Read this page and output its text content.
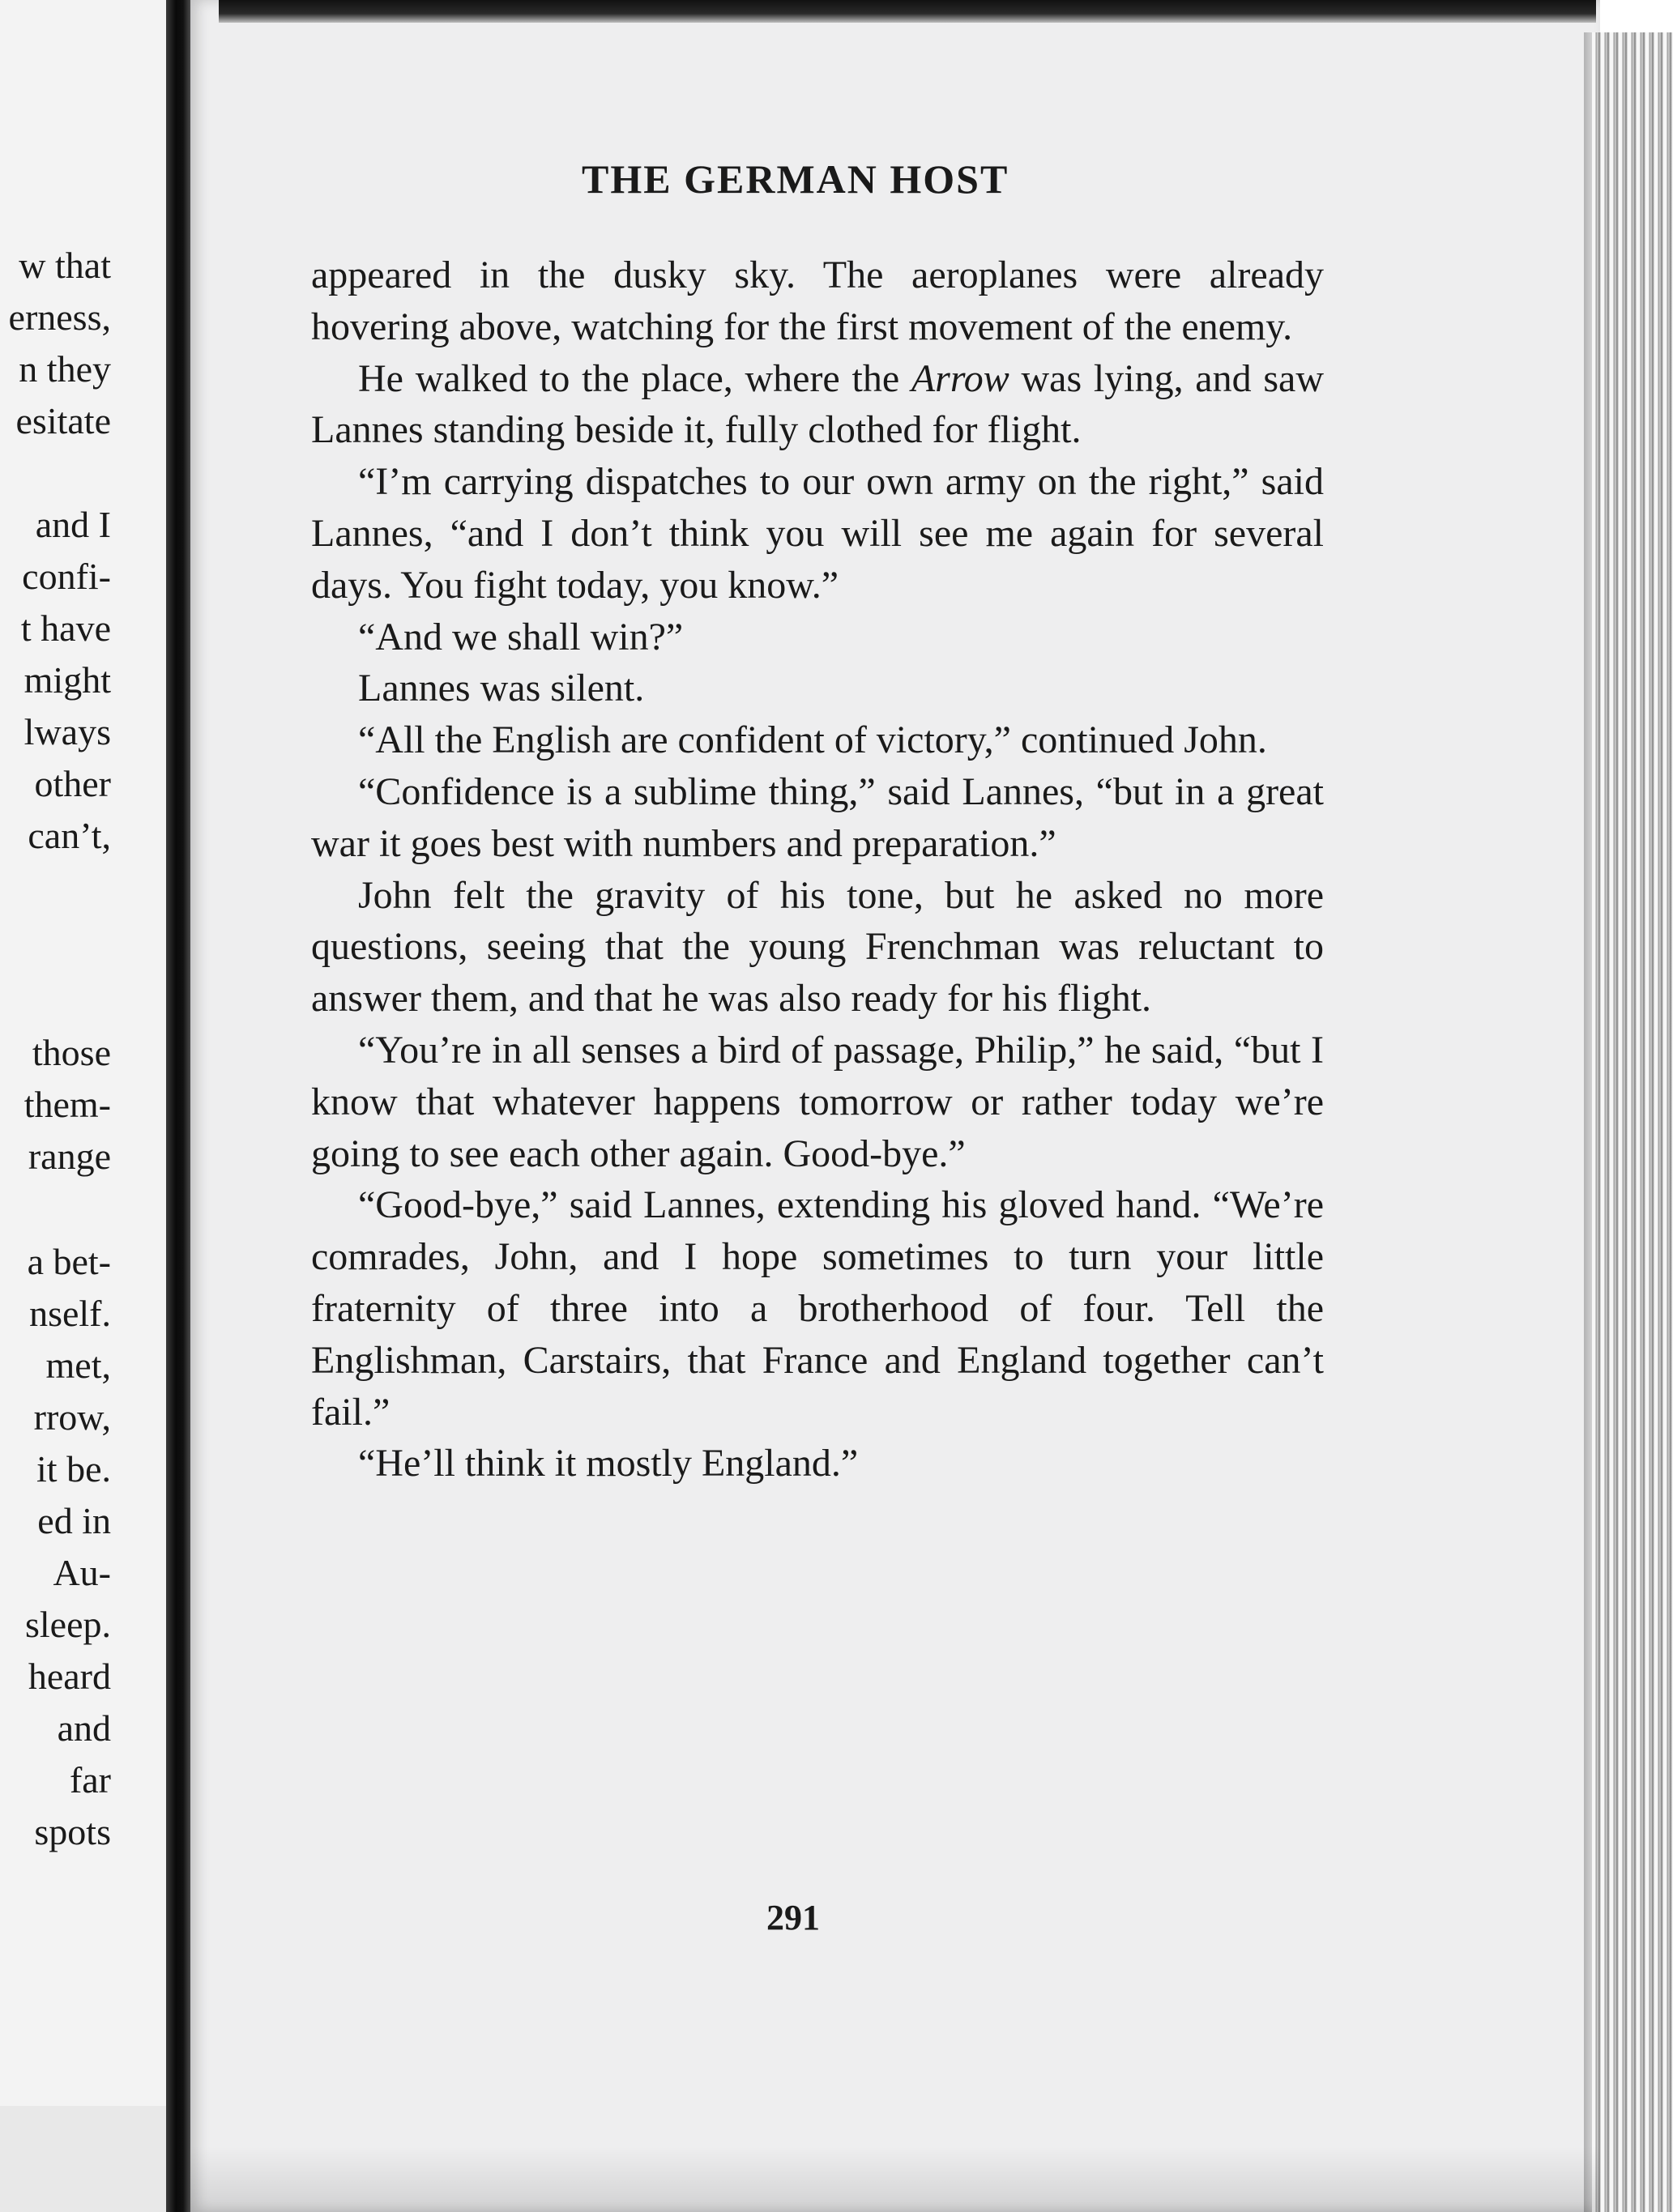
w that
erness,
n they
esitate
and I
confi-
t have
might
lways
other
can’t,
those
them-
range
a bet-
nself.
met,
rrow,
it be.
ed in
Au-
sleep.
heard
and
far
spots
THE GERMAN HOST

appeared in the dusky sky. The aeroplanes were already hovering above, watching for the first movement of the enemy.

He walked to the place, where the Arrow was lying, and saw Lannes standing beside it, fully clothed for flight.

“I’m carrying dispatches to our own army on the right,” said Lannes, “and I don’t think you will see me again for several days. You fight today, you know.”

“And we shall win?”

Lannes was silent.

“All the English are confident of victory,” continued John.

“Confidence is a sublime thing,” said Lannes, “but in a great war it goes best with numbers and preparation.”

John felt the gravity of his tone, but he asked no more questions, seeing that the young Frenchman was reluctant to answer them, and that he was also ready for his flight.

“You’re in all senses a bird of passage, Philip,” he said, “but I know that whatever happens tomorrow or rather today we’re going to see each other again. Good-bye.”

“Good-bye,” said Lannes, extending his gloved hand. “We’re comrades, John, and I hope sometimes to turn your little fraternity of three into a brotherhood of four. Tell the Englishman, Carstairs, that France and England together can’t fail.”

“He’ll think it mostly England.”

291
